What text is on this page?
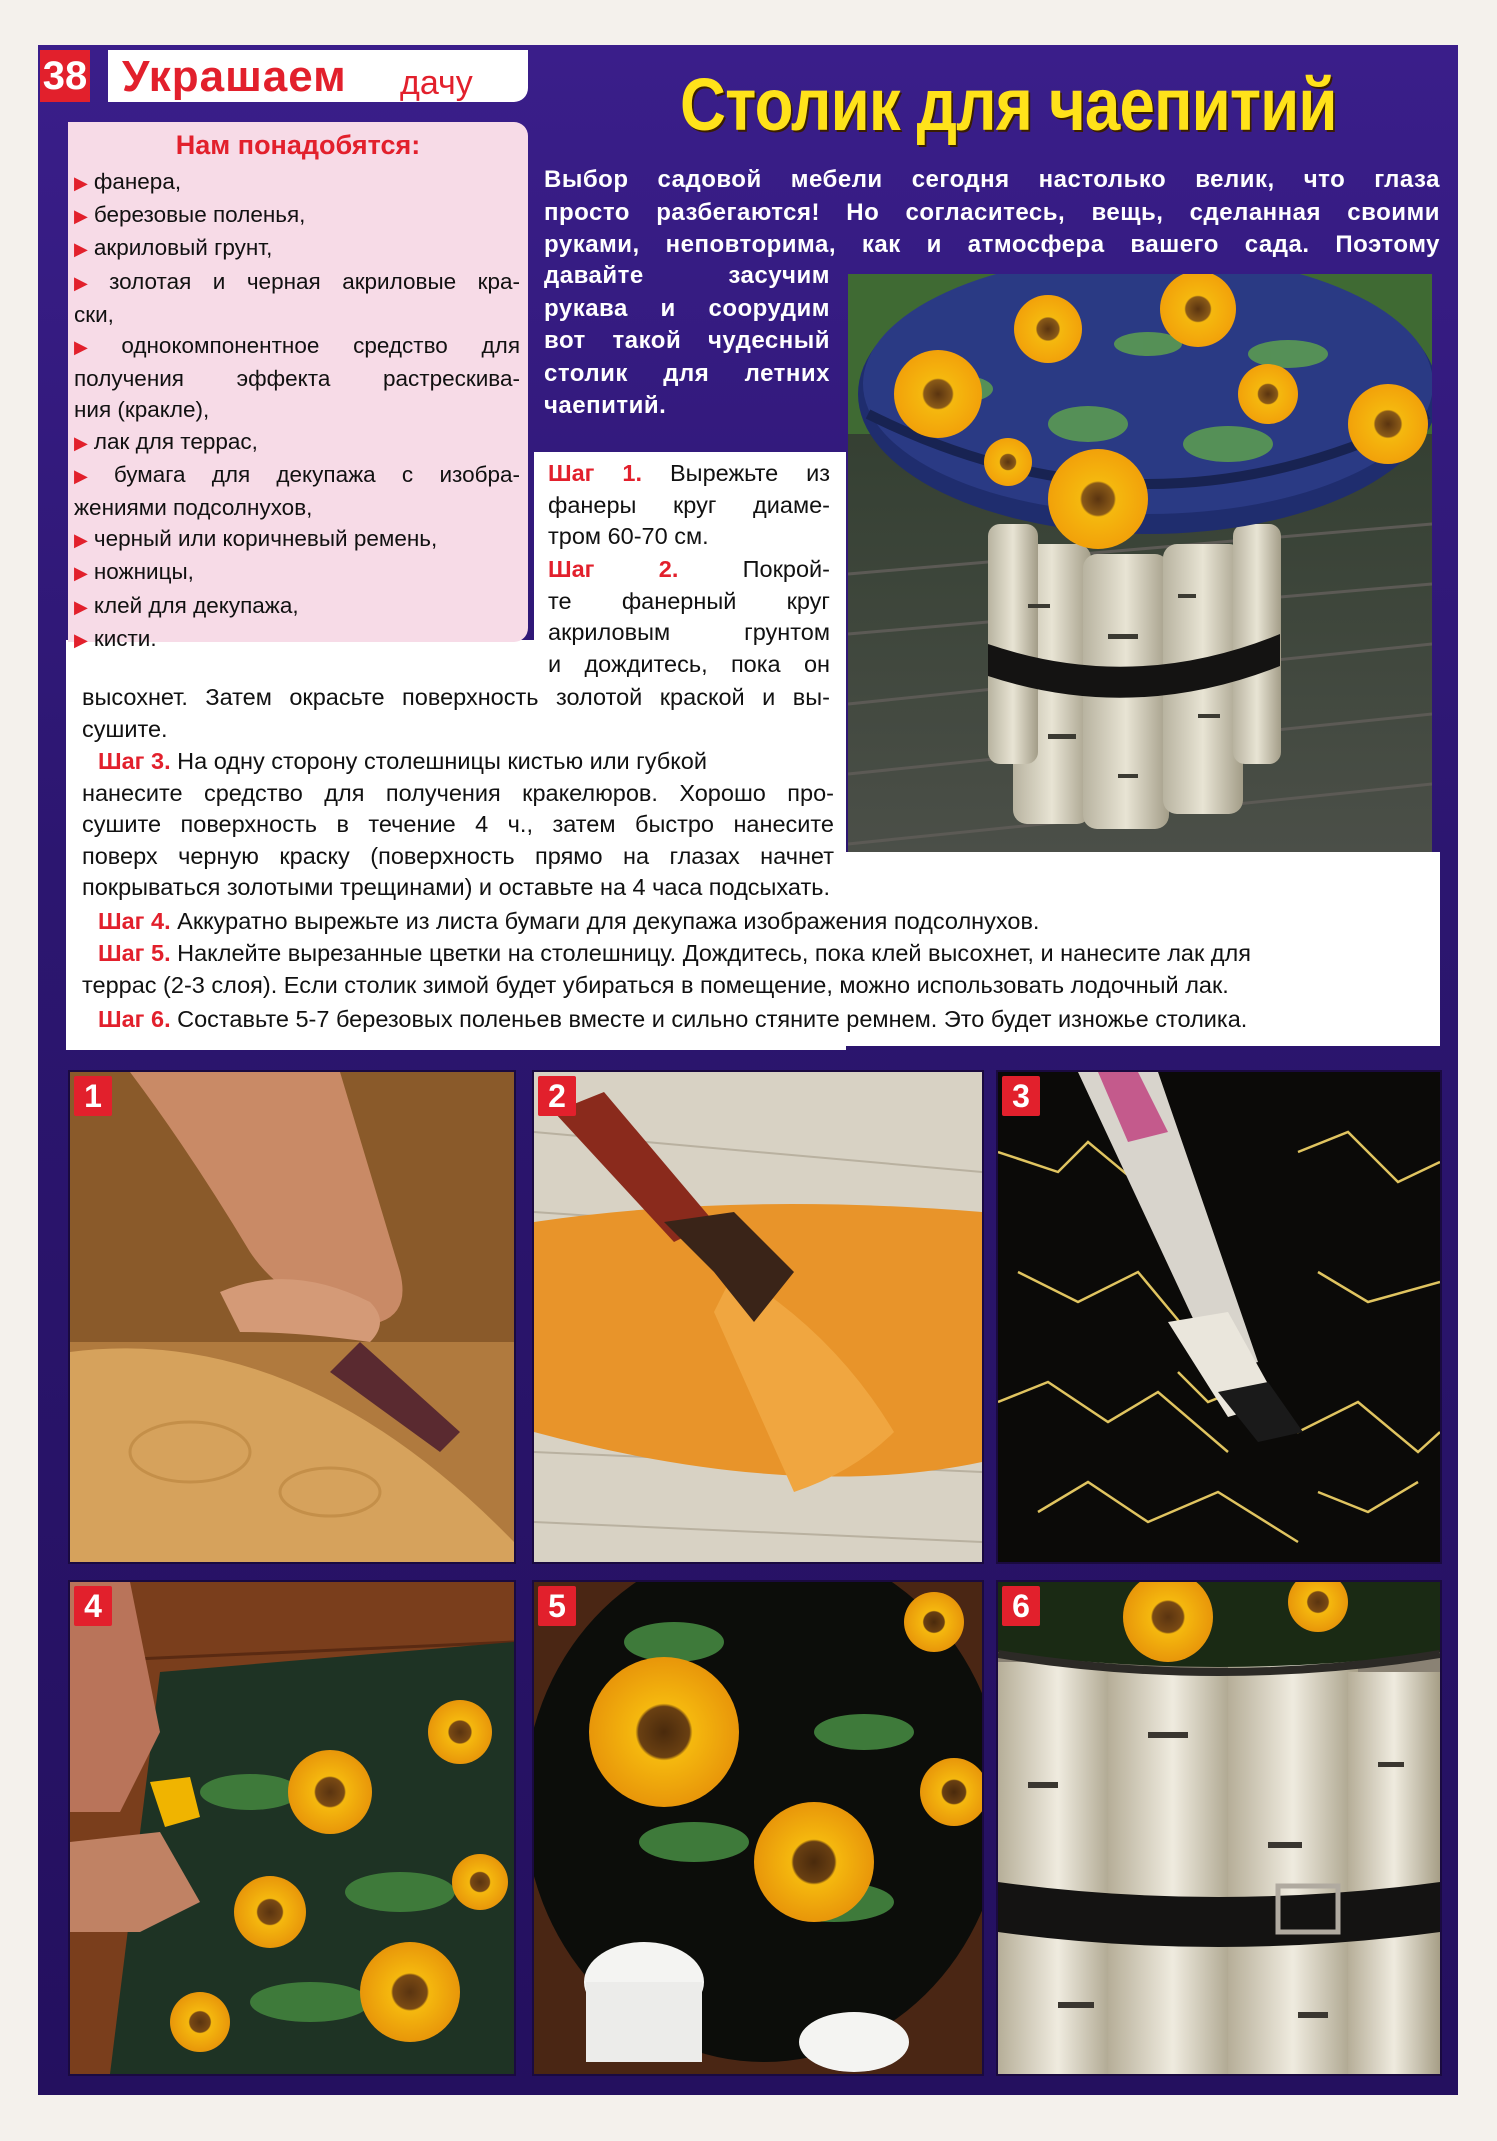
38 Украшаем дачу	Столик для чаепитий
Выбор садовой мебели сегодня настолько велик, что глаза
просто разбегаются! Но согласитесь, вещь, сделанная своими
руками, неповторима, как и атмосфера вашего сада. Поэтому
давайте засучим
рукава и соорудим
вот такой чудесный
столик для летних
чаепитий.
Нам понадобятся:
▶ фанера,
▶ березовые поленья,
▶ акриловый грунт,
▶ золотая и черная акриловые кра-
ски,
▶ однокомпонентное средство для
получения эффекта растрескива-
ния (кракле),
▶ лак для террас,
▶ бумага для декупажа с изобра-
жениями подсолнухов,
▶ черный или коричневый ремень,
▶ ножницы,
▶ клей для декупажа,
▶ кисти.
Шаг 1. Вырежьте из
фанеры круг диаме-
тром 60-70 см.
Шаг 2.	Покрой-
те фанерный круг
акриловым грунтом
и дождитесь, пока он
высохнет. Затем окрасьте поверхность золотой краской и вы-
сушите.
Шаг 3. На одну сторону столешницы кистью или губкой
нанесите средство для получения кракелюров. Хорошо про-
сушите поверхность в течение 4 ч., затем быстро нанесите
поверх черную краску (поверхность прямо на глазах начнет
покрываться золотыми трещинами) и оставьте на 4 часа подсыхать.
Шаг 4. Аккуратно вырежьте из листа бумаги для декупажа изображения подсолнухов.
Шаг 5. Наклейте вырезанные цветки на столешницу. Дождитесь, пока клей высохнет, и нанесите лак для
террас (2-3 слоя). Если столик зимой будет убираться в помещение, можно использовать лодочный лак.
Шаг 6. Составьте 5-7 березовых поленьев вместе и сильно стяните ремнем. Это будет изножье столика.
1	2	3
4	5	6
